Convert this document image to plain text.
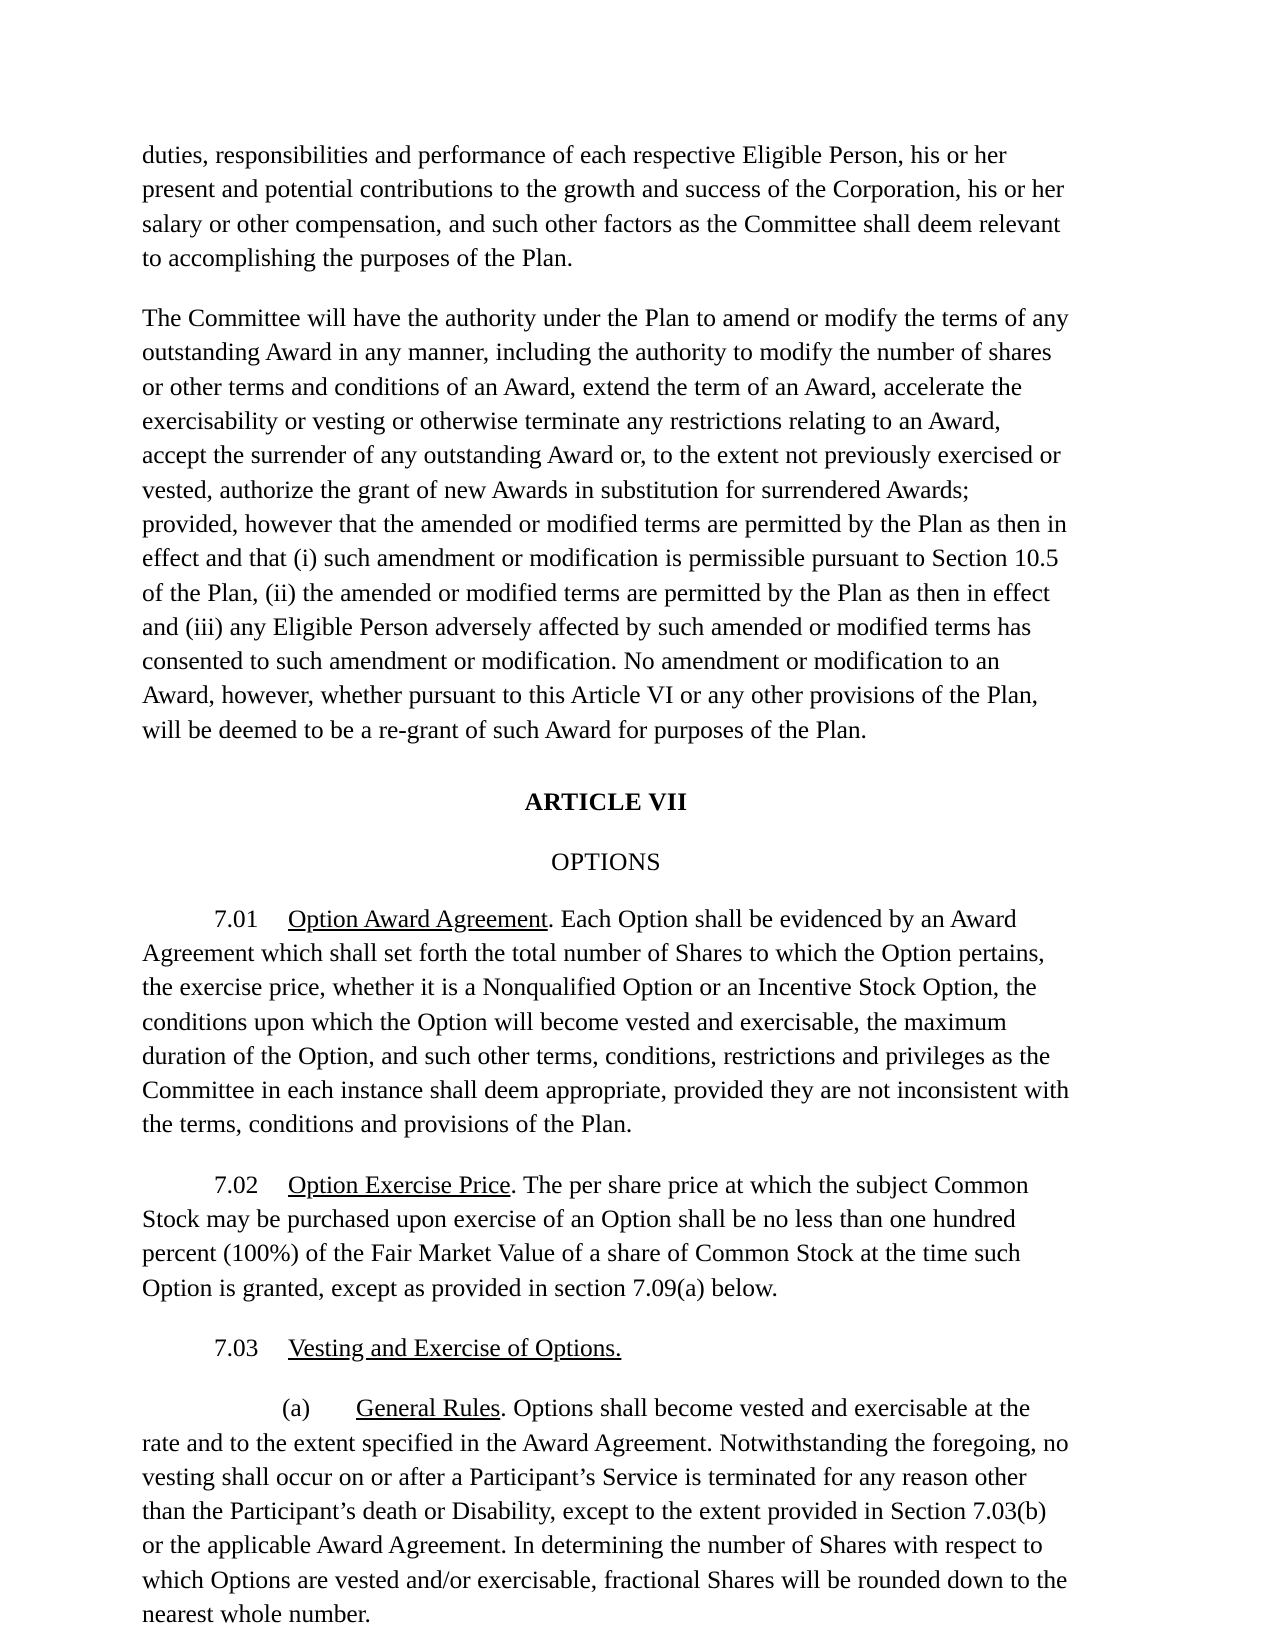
duties, responsibilities and performance of each respective Eligible Person, his or her present and potential contributions to the growth and success of the Corporation, his or her salary or other compensation, and such other factors as the Committee shall deem relevant to accomplishing the purposes of the Plan.

The Committee will have the authority under the Plan to amend or modify the terms of any outstanding Award in any manner, including the authority to modify the number of shares or other terms and conditions of an Award, extend the term of an Award, accelerate the exercisability or vesting or otherwise terminate any restrictions relating to an Award, accept the surrender of any outstanding Award or, to the extent not previously exercised or vested, authorize the grant of new Awards in substitution for surrendered Awards; provided, however that the amended or modified terms are permitted by the Plan as then in effect and that (i) such amendment or modification is permissible pursuant to Section 10.5 of the Plan, (ii) the amended or modified terms are permitted by the Plan as then in effect and (iii) any Eligible Person adversely affected by such amended or modified terms has consented to such amendment or modification. No amendment or modification to an Award, however, whether pursuant to this Article VI or any other provisions of the Plan, will be deemed to be a re-grant of such Award for purposes of the Plan.

ARTICLE VII

OPTIONS

7.01 Option Award Agreement. Each Option shall be evidenced by an Award Agreement which shall set forth the total number of Shares to which the Option pertains, the exercise price, whether it is a Nonqualified Option or an Incentive Stock Option, the conditions upon which the Option will become vested and exercisable, the maximum duration of the Option, and such other terms, conditions, restrictions and privileges as the Committee in each instance shall deem appropriate, provided they are not inconsistent with the terms, conditions and provisions of the Plan.

7.02 Option Exercise Price. The per share price at which the subject Common Stock may be purchased upon exercise of an Option shall be no less than one hundred percent (100%) of the Fair Market Value of a share of Common Stock at the time such Option is granted, except as provided in section 7.09(a) below.

7.03 Vesting and Exercise of Options.

(a) General Rules. Options shall become vested and exercisable at the rate and to the extent specified in the Award Agreement. Notwithstanding the foregoing, no vesting shall occur on or after a Participant’s Service is terminated for any reason other than the Participant’s death or Disability, except to the extent provided in Section 7.03(b) or the applicable Award Agreement. In determining the number of Shares with respect to which Options are vested and/or exercisable, fractional Shares will be rounded down to the nearest whole number.
